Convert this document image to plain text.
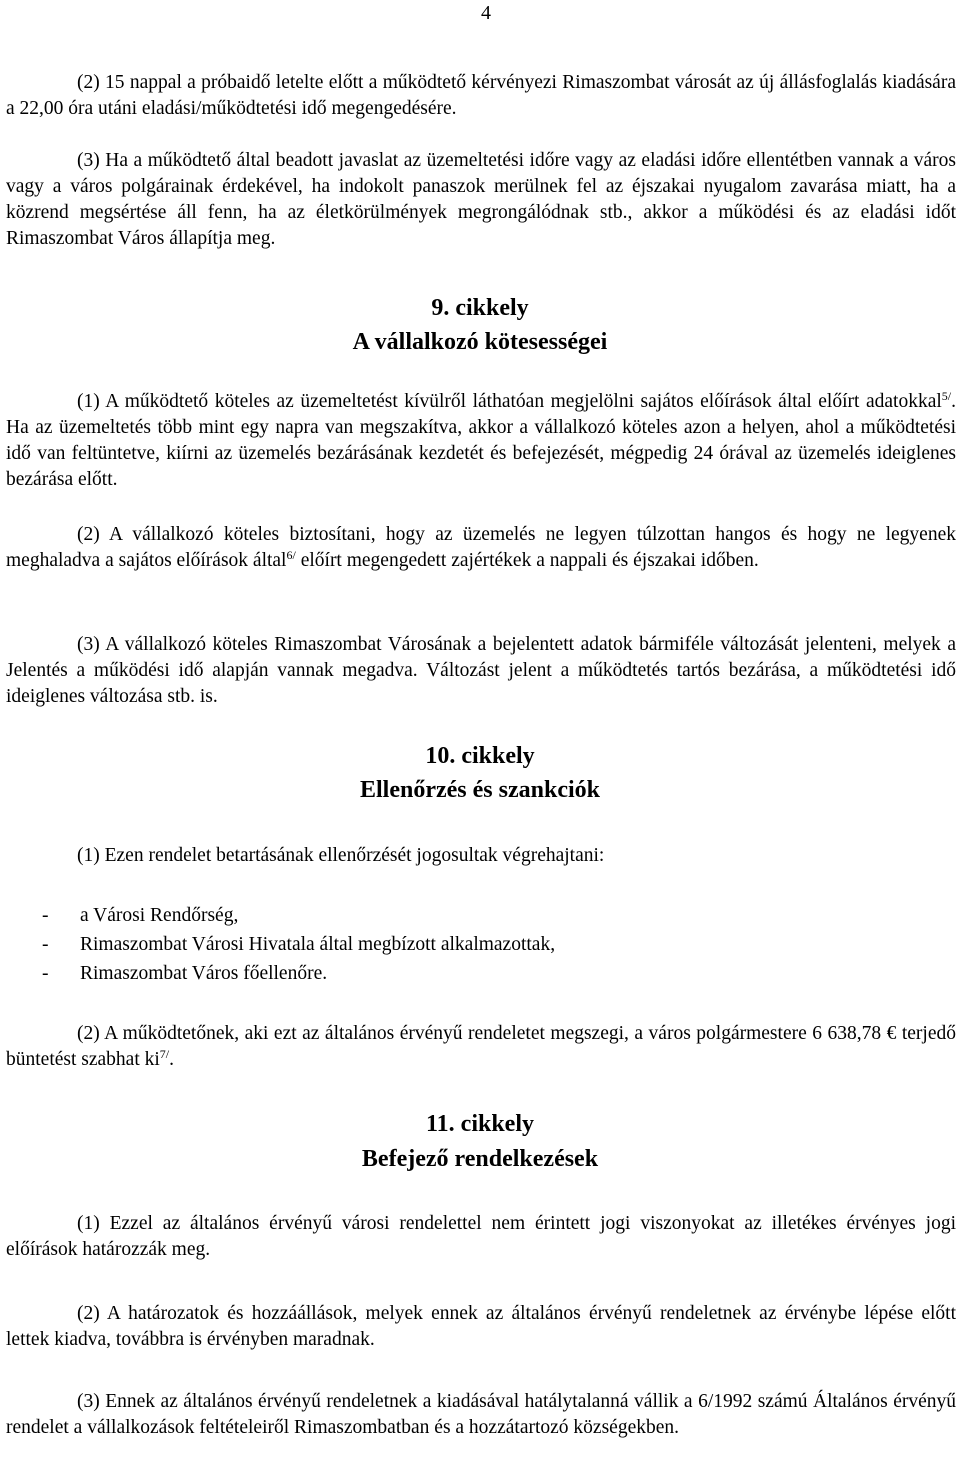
4

(2) 15 nappal a próbaidő letelte előtt a működtető kérvényezi Rimaszombat városát az új állásfoglalás kiadására a 22,00 óra utáni eladási/működtetési idő megengedésére.

(3) Ha a működtető által beadott javaslat az üzemeltetési időre vagy az eladási időre ellentétben vannak a város vagy a város polgárainak érdekével, ha indokolt panaszok merülnek fel az éjszakai nyugalom zavarása miatt, ha a közrend megsértése áll fenn, ha az életkörülmények megrongálódnak stb., akkor a működési és az eladási időt Rimaszombat Város állapítja meg.

9. cikkely
A vállalkozó kötesességei

(1) A működtető köteles az üzemeltetést kívülről láthatóan megjelölni sajátos előírások által előírt adatokkal$^{5/}$. Ha az üzemeltetés több mint egy napra van megszakítva, akkor a vállalkozó köteles azon a helyen, ahol a működtetési idő van feltüntetve, kiírni az üzemelés bezárásának kezdetét és befejezését, mégpedig 24 órával az üzemelés ideiglenes bezárása előtt.

(2) A vállalkozó köteles biztosítani, hogy az üzemelés ne legyen túlzottan hangos és hogy ne legyenek meghaladva a sajátos előírások által$^{6/}$ előírt megengedett zajértékek a nappali és éjszakai időben.

(3) A vállalkozó köteles Rimaszombat Városának a bejelentett adatok bármiféle változását jelenteni, melyek a Jelentés a működési idő alapján vannak megadva. Változást jelent a működtetés tartós bezárása, a működtetési idő ideiglenes változása stb. is.

10. cikkely
Ellenőrzés és szankciók

(1) Ezen rendelet betartásának ellenőrzését jogosultak végrehajtani:

- a Városi Rendőrség,
- Rimaszombat Városi Hivatala által megbízott alkalmazottak,
- Rimaszombat Város főellenőre.

(2) A működtetőnek, aki ezt az általános érvényű rendeletet megszegi, a város polgármestere 6 638,78 € terjedő büntetést szabhat $ki^{7/}$.

11. cikkely
Befejező rendelkezések

(1) Ezzel az általános érvényű városi rendelettel nem érintett jogi viszonyokat az illetékes érvényes jogi előírások határozzák meg.

(2) A határozatok és hozzáállások, melyek ennek az általános érvényű rendeletnek az érvénybe lépése előtt lettek kiadva, továbbra is érvényben maradnak.

(3) Ennek az általános érvényű rendeletnek a kiadásával hatálytalanná vállik a 6/1992 számú Általános érvényű rendelet a vállalkozások feltételeiről Rimaszombatban és a hozzátartozó községekben.
